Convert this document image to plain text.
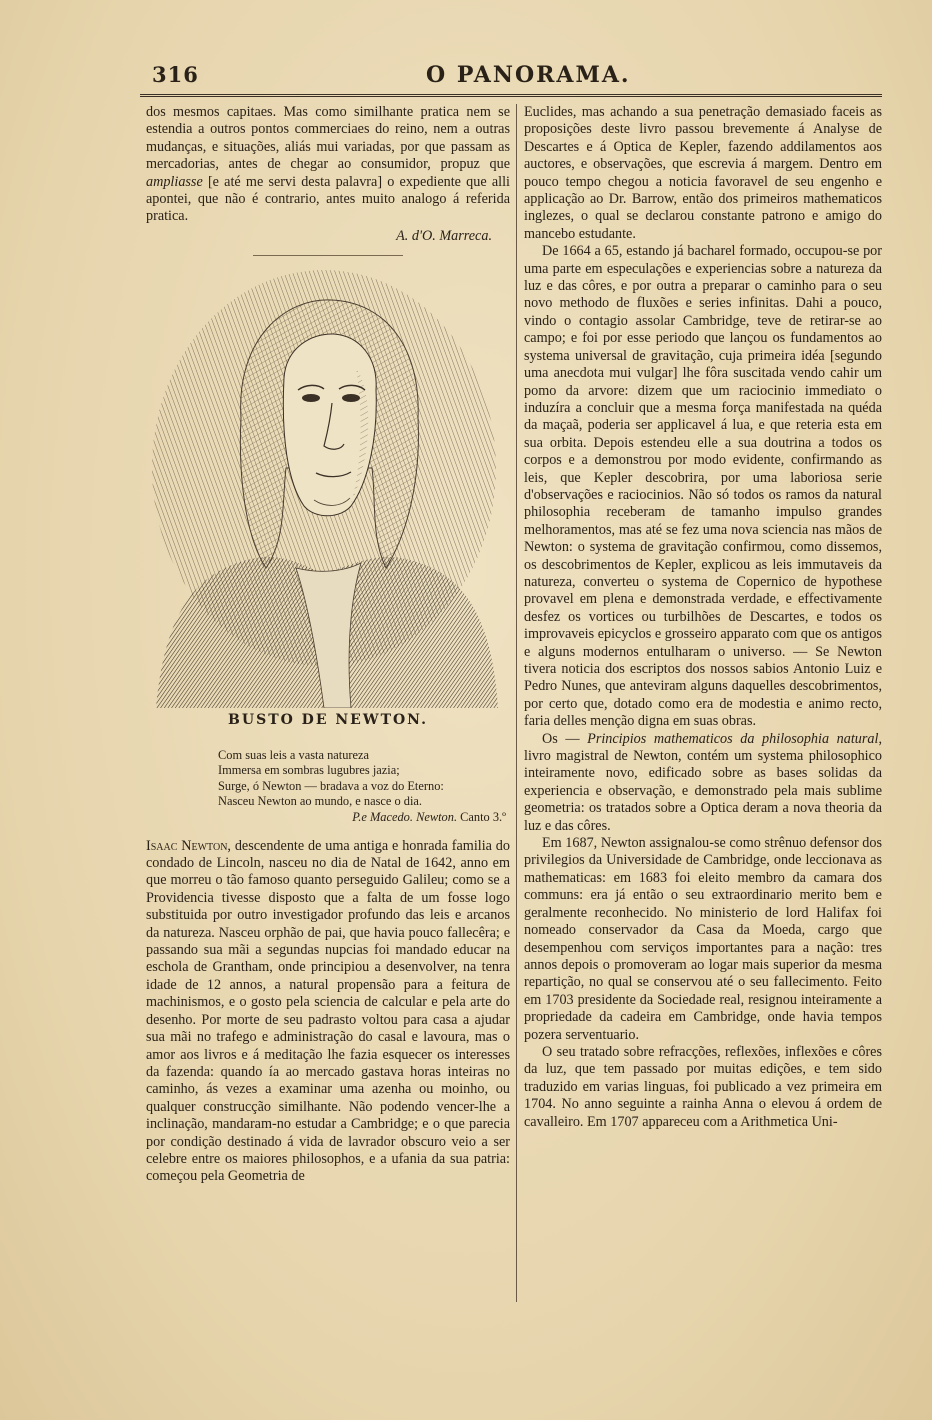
316	O PANORAMA.

dos mesmos capitaes. Mas como similhante pratica nem se estendia a outros pontos commerciaes do reino, nem a outras mudanças, e situações, aliás mui variadas, por que passam as mercadorias, antes de chegar ao consumidor, propuz que ampliasse [e até me servi desta palavra] o expediente que alli apontei, que não é contrario, antes muito analogo á referida pratica.

A. d'O. Marreca.
BUSTO DE NEWTON.
Com suas leis a vasta natureza
Immersa em sombras lugubres jazia;
Surge, ó Newton — bradava a voz do Eterno:
Nasceu Newton ao mundo, e nasce o dia.
P.e Macedo. Newton. Canto 3.º

Isaac Newton, descendente de uma antiga e honrada familia do condado de Lincoln, nasceu no dia de Natal de 1642, anno em que morreu o tão famoso quanto perseguido Galileu; como se a Providencia tivesse disposto que a falta de um fosse logo substituida por outro investigador profundo das leis e arcanos da natureza. Nasceu orphão de pai, que havia pouco fallecêra; e passando sua mãi a segundas nupcias foi mandado educar na escholа de Grantham, onde principiou a desenvolver, na tenra idade de 12 annos, a natural propensão para a feitura de machinismos, e o gosto pela sciencia de calcular e pela arte do desenho. Por morte de seu padrasto voltou para casa a ajudar sua mãi no trafego e administração do casal e lavoura, mas o amor aos livros e á meditação lhe fazia esquecer os interesses da fazenda: quando ía ao mercado gastava horas inteiras no caminho, ás vezes a examinar uma azenha ou moinho, ou qualquer construcção similhante. Não podendo vencer-lhe a inclinação, mandaram-no estudar a Cambridge; e o que parecia por condição destinado á vida de lavrador obscuro veio a ser celebre entre os maiores philosophos, e a ufania da sua patria: começou pela Geometria de

Euclides, mas achando a sua penetração demasiado faceis as proposições deste livro passou brevemente á Analyse de Descartes e á Optica de Kepler, fazendo addilamentos aos auctores, e observações, que escrevia á margem. Dentro em pouco tempo chegou a noticia favoravel de seu engenho e applicação ao Dr. Barrow, então dos primeiros mathematicos inglezes, o qual se declarou constante patrono e amigo do mancebo estudante.

De 1664 a 65, estando já bacharel formado, occupou-se por uma parte em especulações e experiencias sobre a natureza da luz e das côres, e por outra a preparar o caminho para o seu novo methodo de fluxões e series infinitas. Dahi a pouco, vindo o contagio assolar Cambridge, teve de retirar-se ao campo; e foi por esse periodo que lançou os fundamentos ao systema universal de gravitação, cuja primeira idéa [segundo uma anecdota mui vulgar] lhe fôra suscitada vendo cahir um pomo da arvore: dizem que um raciocinio immediato o induzíra a concluir que a mesma força manifestada na quéda da maçaã, poderia ser applicavel á lua, e que reteria esta em sua orbita. Depois estendeu elle a sua doutrina a todos os corpos e a demonstrou por modo evidente, confirmando as leis, que Kepler descobrira, por uma laboriosa serie d'observações e raciocinios. Não só todos os ramos da natural philosophia receberam de tamanho impulso grandes melhoramentos, mas até se fez uma nova sciencia nas mãos de Newton: o systema de gravitação confirmou, como dissemos, os descobrimentos de Kepler, explicou as leis immutaveis da natureza, converteu o systema de Copernico de hypothese provavel em plena e demonstrada verdade, e effectivamente desfez os vortices ou turbilhões de Descartes, e todos os improvaveis epicyclos e grosseiro apparato com que os antigos e alguns modernos entulharam o universo. — Se Newton tivera noticia dos escriptos dos nossos sabios Antonio Luiz e Pedro Nunes, que anteviram alguns daquelles descobrimentos, por certo que, dotado como era de modestia e animo recto, faria delles menção digna em suas obras.

Os — Principios mathematicos da philosophia natural, livro magistral de Newton, contém um systema philosophico inteiramente novo, edificado sobre as bases solidas da experiencia e observação, e demonstrado pela mais sublime geometria: os tratados sobre a Optica deram a nova theoria da luz e das côres.

Em 1687, Newton assignalou-se como strênuo defensor dos privilegios da Universidade de Cambridge, onde leccionava as mathematicas: em 1683 foi eleito membro da camara dos communs: era já então o seu extraordinario merito bem e geralmente reconhecido. No ministerio de lord Halifax foi nomeado conservador da Casa da Moeda, cargo que desempenhou com serviços importantes para a nação: tres annos depois o promoveram ao logar mais superior da mesma repartição, no qual se conservou até o seu fallecimento. Feito em 1703 presidente da Sociedade real, resignou inteiramente a propriedade da cadeira em Cambridge, onde havia tempos pozera serventuario.

O seu tratado sobre refracções, reflexões, inflexões e côres da luz, que tem passado por muitas edições, e tem sido traduzido em varias linguas, foi publicado a vez primeira em 1704. No anno seguinte a rainha Anna o elevou á ordem de cavalleiro. Em 1707 appareceu com a Arithmetica Uni-
